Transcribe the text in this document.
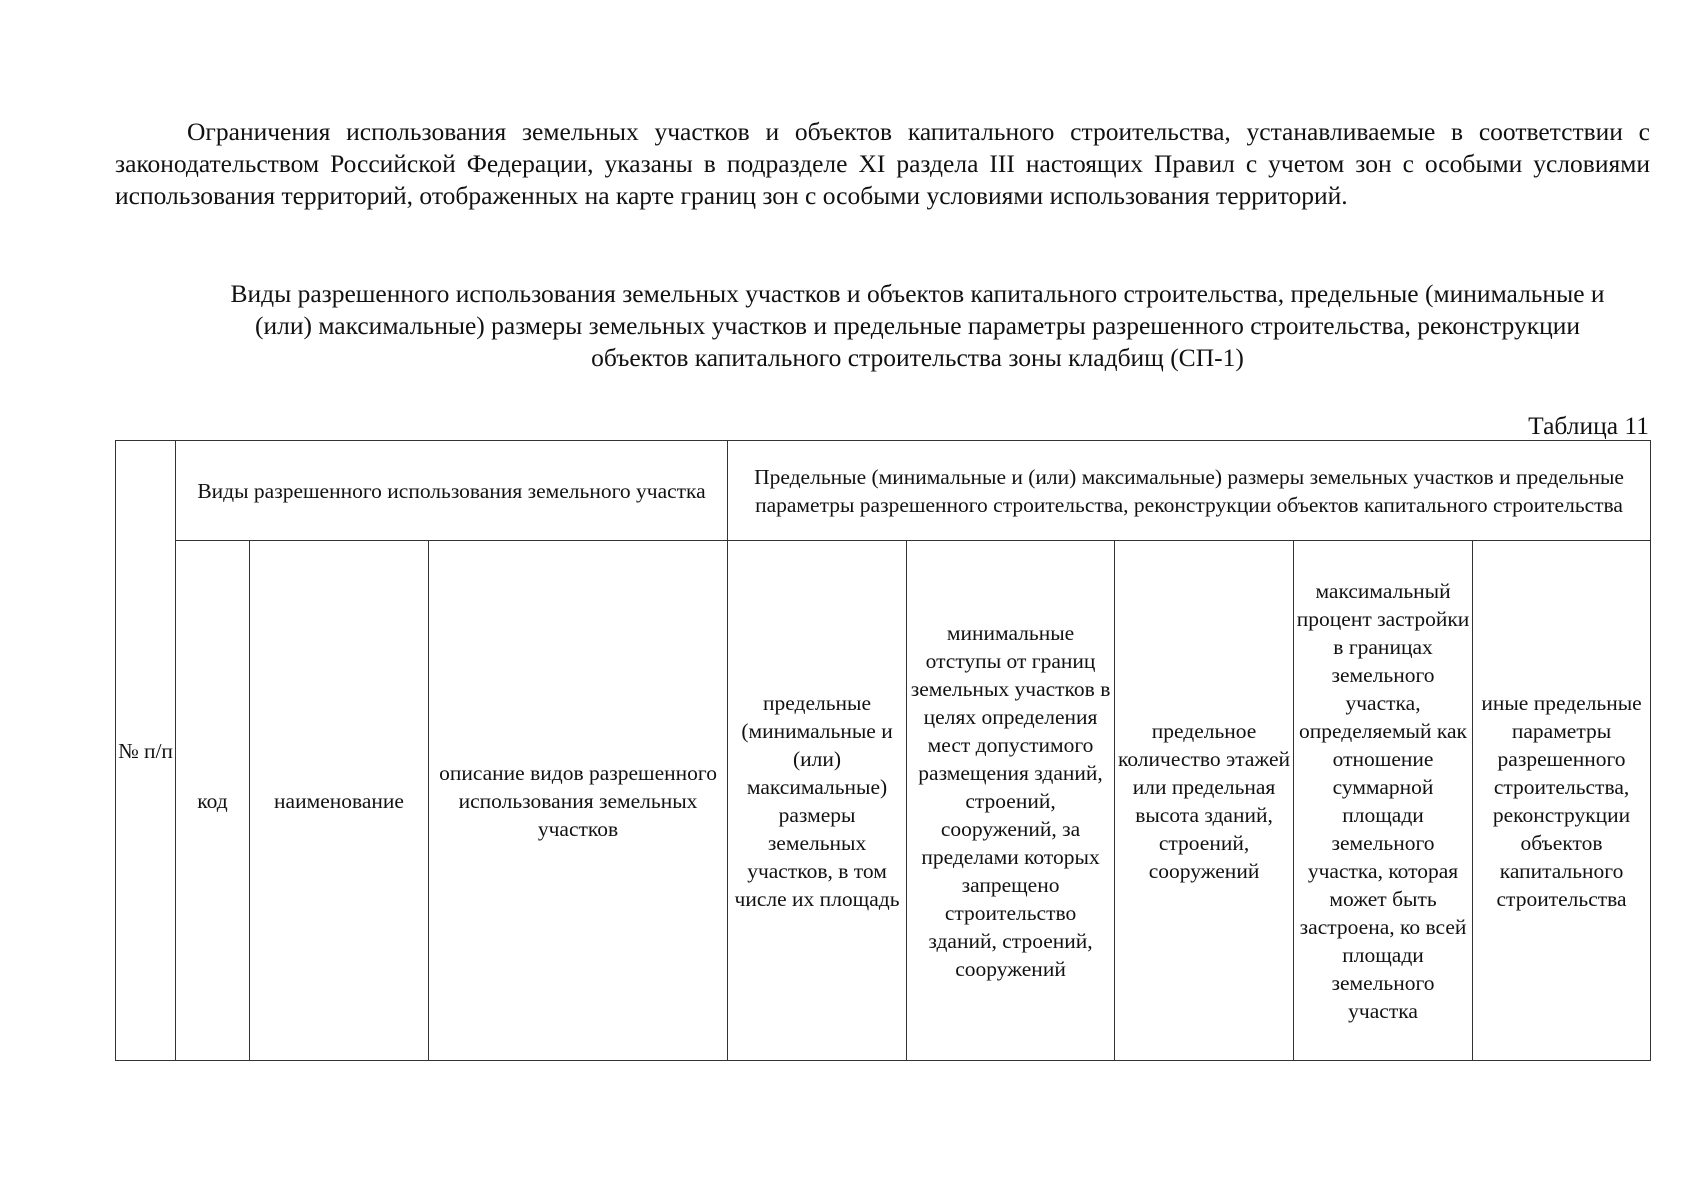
Ограничения использования земельных участков и объектов капитального строительства, устанавливаемые в соответствии с законодательством Российской Федерации, указаны в подразделе XI раздела III настоящих Правил с учетом зон с особыми условиями использования территорий, отображенных на карте границ зон с особыми условиями использования территорий.

Виды разрешенного использования земельных участков и объектов капитального строительства, предельные (минимальные и (или) максимальные) размеры земельных участков и предельные параметры разрешенного строительства, реконструкции объектов капитального строительства зоны кладбищ (СП-1)

Таблица 11

№ п/п	Виды разрешенного использования земельного участка			Предельные (минимальные и (или) максимальные) размеры земельных участков и предельные параметры разрешенного строительства, реконструкции объектов капитального строительства				
	код	наименование	описание видов разрешенного использования земельных участков	предельные (минимальные и (или) максимальные) размеры земельных участков, в том числе их площадь	минимальные отступы от границ земельных участков в целях определения мест допустимого размещения зданий, строений, сооружений, за пределами которых запрещено строительство зданий, строений, сооружений	предельное количество этажей или предельная высота зданий, строений, сооружений	максимальный процент застройки в границах земельного участка, определяемый как отношение суммарной площади земельного участка, которая может быть застроена, ко всей площади земельного участка	иные предельные параметры разрешенного строительства, реконструкции объектов капитального строительства
